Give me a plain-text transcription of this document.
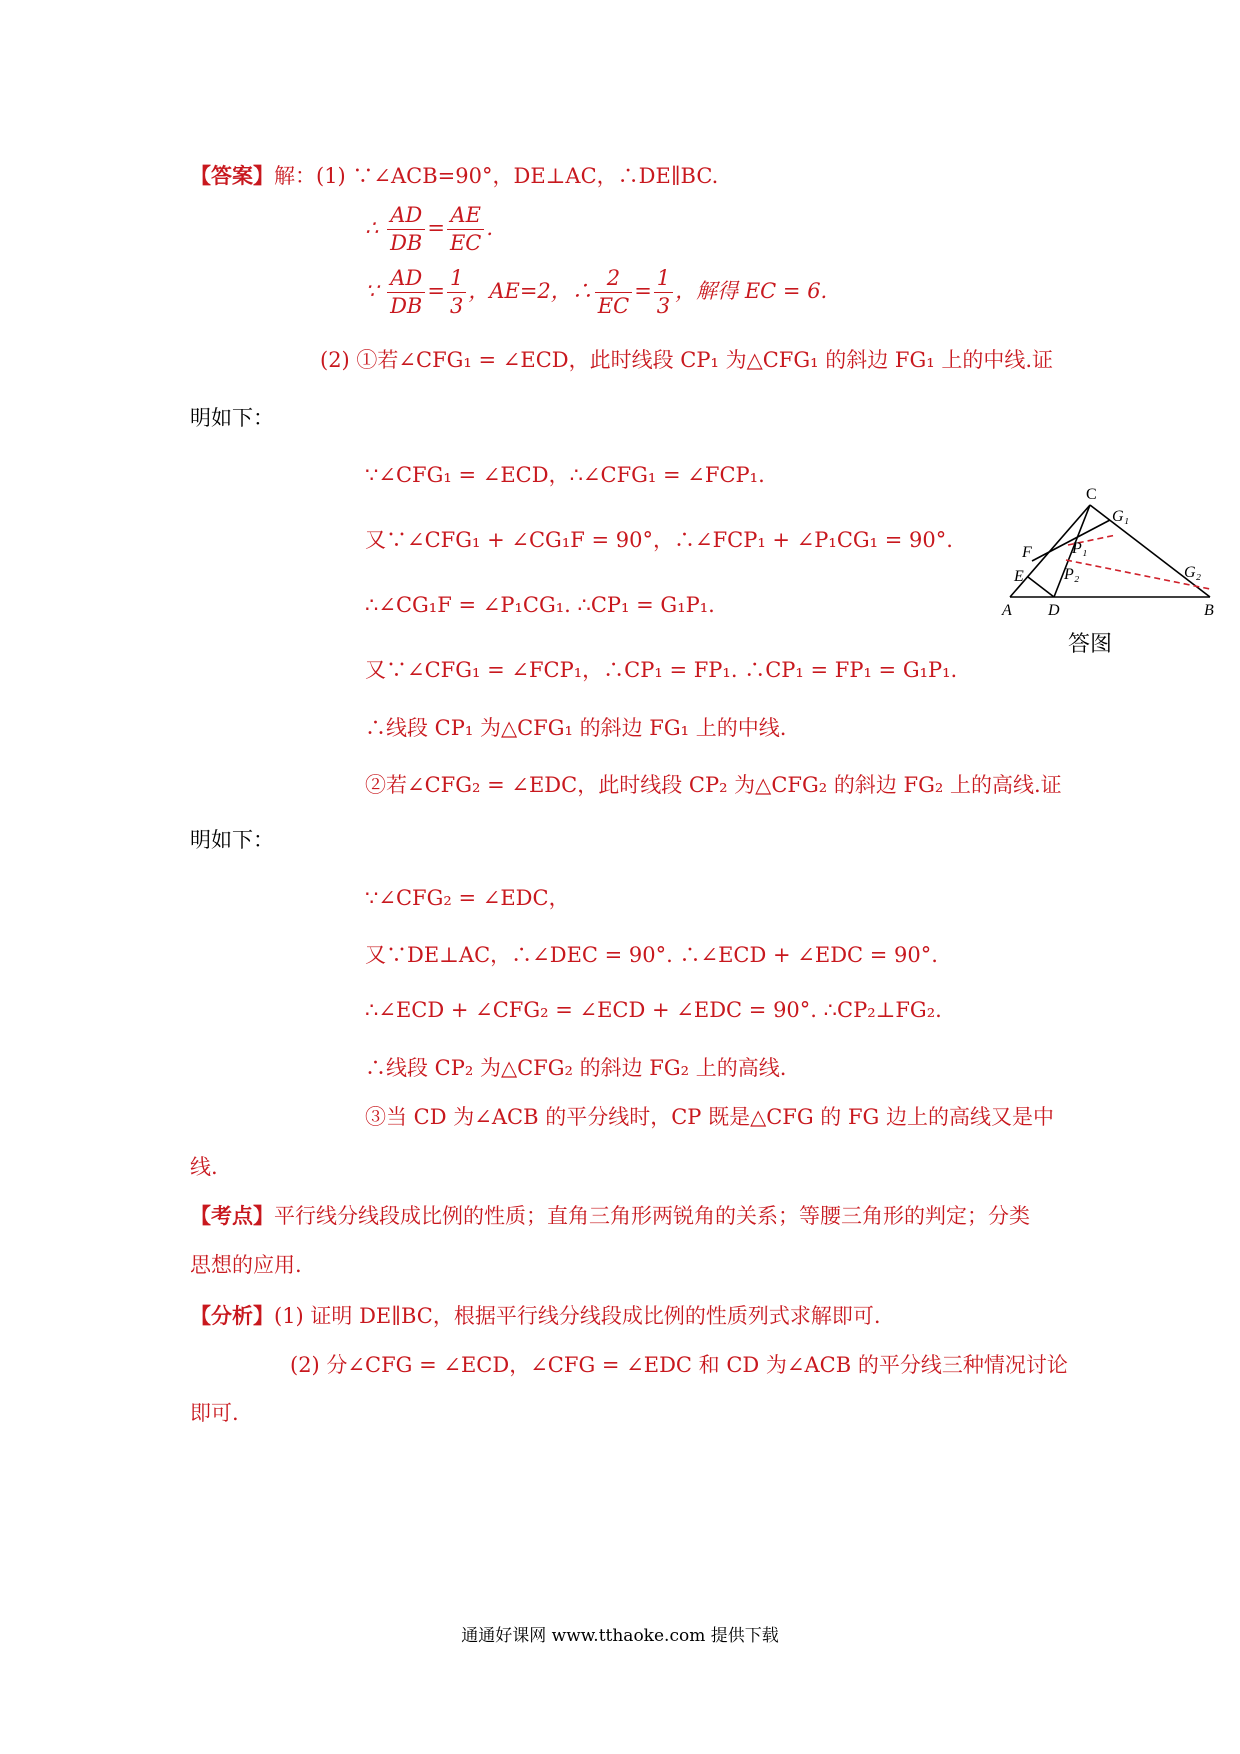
【答案】解：(1) ∵∠ACB=90°，DE⊥AC，∴DE∥BC.
∴ $\frac{AD}{DB} = \frac{AE}{EC}$ .
∵ $\frac{AD}{DB} = \frac{1}{3}$ ，AE=2，∴ $\frac{2}{EC} = \frac{1}{3}$ ，解得 EC = 6.
(2) ①若∠CFG₁ = ∠ECD，此时线段 CP₁ 为△CFG₁ 的斜边 FG₁ 上的中线.证
明如下：
∵∠CFG₁ = ∠ECD，∴∠CFG₁ = ∠FCP₁.
又∵∠CFG₁ + ∠CG₁F = 90°，∴∠FCP₁ + ∠P₁CG₁ = 90°.
∴∠CG₁F = ∠P₁CG₁. ∴CP₁ = G₁P₁.
又∵∠CFG₁ = ∠FCP₁，∴CP₁ = FP₁. ∴CP₁ = FP₁ = G₁P₁.
∴线段 CP₁ 为△CFG₁ 的斜边 FG₁ 上的中线.
②若∠CFG₂ = ∠EDC，此时线段 CP₂ 为△CFG₂ 的斜边 FG₂ 上的高线.证
明如下：
∵∠CFG₂ = ∠EDC，
又∵DE⊥AC，∴∠DEC = 90°. ∴∠ECD + ∠EDC = 90°.
∴∠ECD + ∠CFG₂ = ∠ECD + ∠EDC = 90°. ∴CP₂⊥FG₂.
∴线段 CP₂ 为△CFG₂ 的斜边 FG₂ 上的高线.
③当 CD 为∠ACB 的平分线时，CP 既是△CFG 的 FG 边上的高线又是中
线.
【考点】平行线分线段成比例的性质；直角三角形两锐角的关系；等腰三角形的判定；分类
思想的应用.
【分析】(1) 证明 DE∥BC，根据平行线分线段成比例的性质列式求解即可.
(2) 分∠CFG = ∠ECD，∠CFG = ∠EDC 和 CD 为∠ACB 的平分线三种情况讨论
即可.
C
G₁
F	P₁
E	P₂	G₂
A D	B
答图
通通好课网 www.tthaoke.com 提供下载
